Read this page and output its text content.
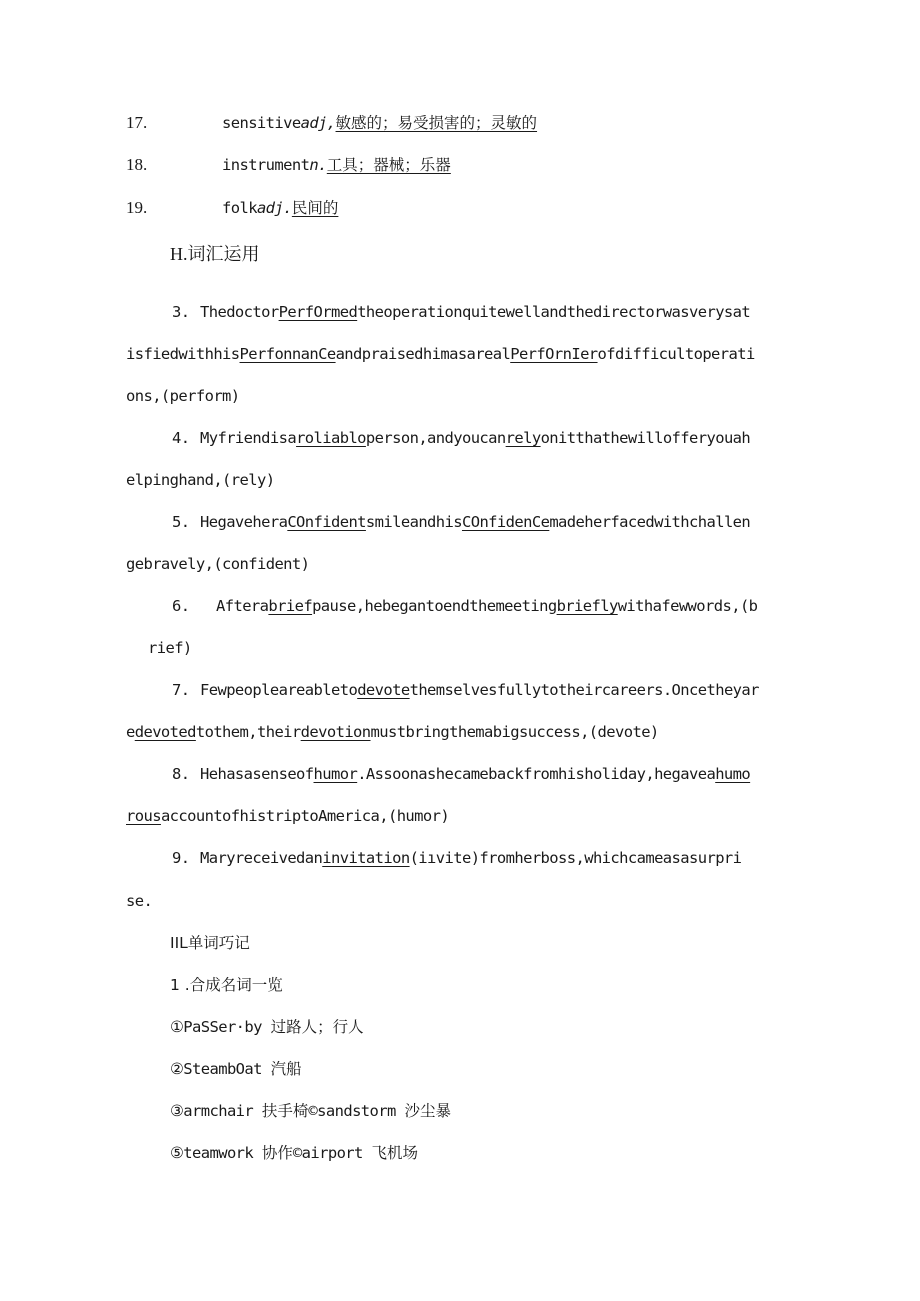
17.	sensitiveadj,敏感的；易受损害的；灵敏的
18.	instrumentn.工具；器械；乐器
19.	folkadj.民间的
H.词汇运用
3. ThedoctorPerfOrmedtheoperationquitewellandthedirectorwasverysat
isfiedwithhisPerfonnanCeandpraisedhimasarealPerfOrnIerofdifficultoperati
ons,(perform)
4. Myfriendisaroliabloperson,andyoucanrelyonitthathewillofferyouah
elpinghand,(rely)
5. HegaveheraCOnfidentsmileandhisCOnfidenCemadeherfacedwithchallen
gebravely,(confident)
6. Afterabriefpause,hebegantoendthemeetingbrieflywithafewwords,(b
rief)
7. Fewpeopleareabletodevotethemselvesfullytotheircareers.Oncetheyar
edevotedtothem,theirdevotionmustbringthemabigsuccess,(devote)
8. Hehasasenseofhumor.Assoonashecamebackfromhisholiday,hegaveahumo
rousaccountofhistriptoAmerica,(humor)
9. Maryreceivedaninvitation(iıvite)fromherboss,whichcameasasurpri
se.
IIL单词巧记
1 .合成名词一览
①PaSSer·by 过路人；行人
②SteambOat 汽船
③armchair 扶手椅©sandstorm 沙尘暴
⑤teamwork 协作©airport 飞机场
